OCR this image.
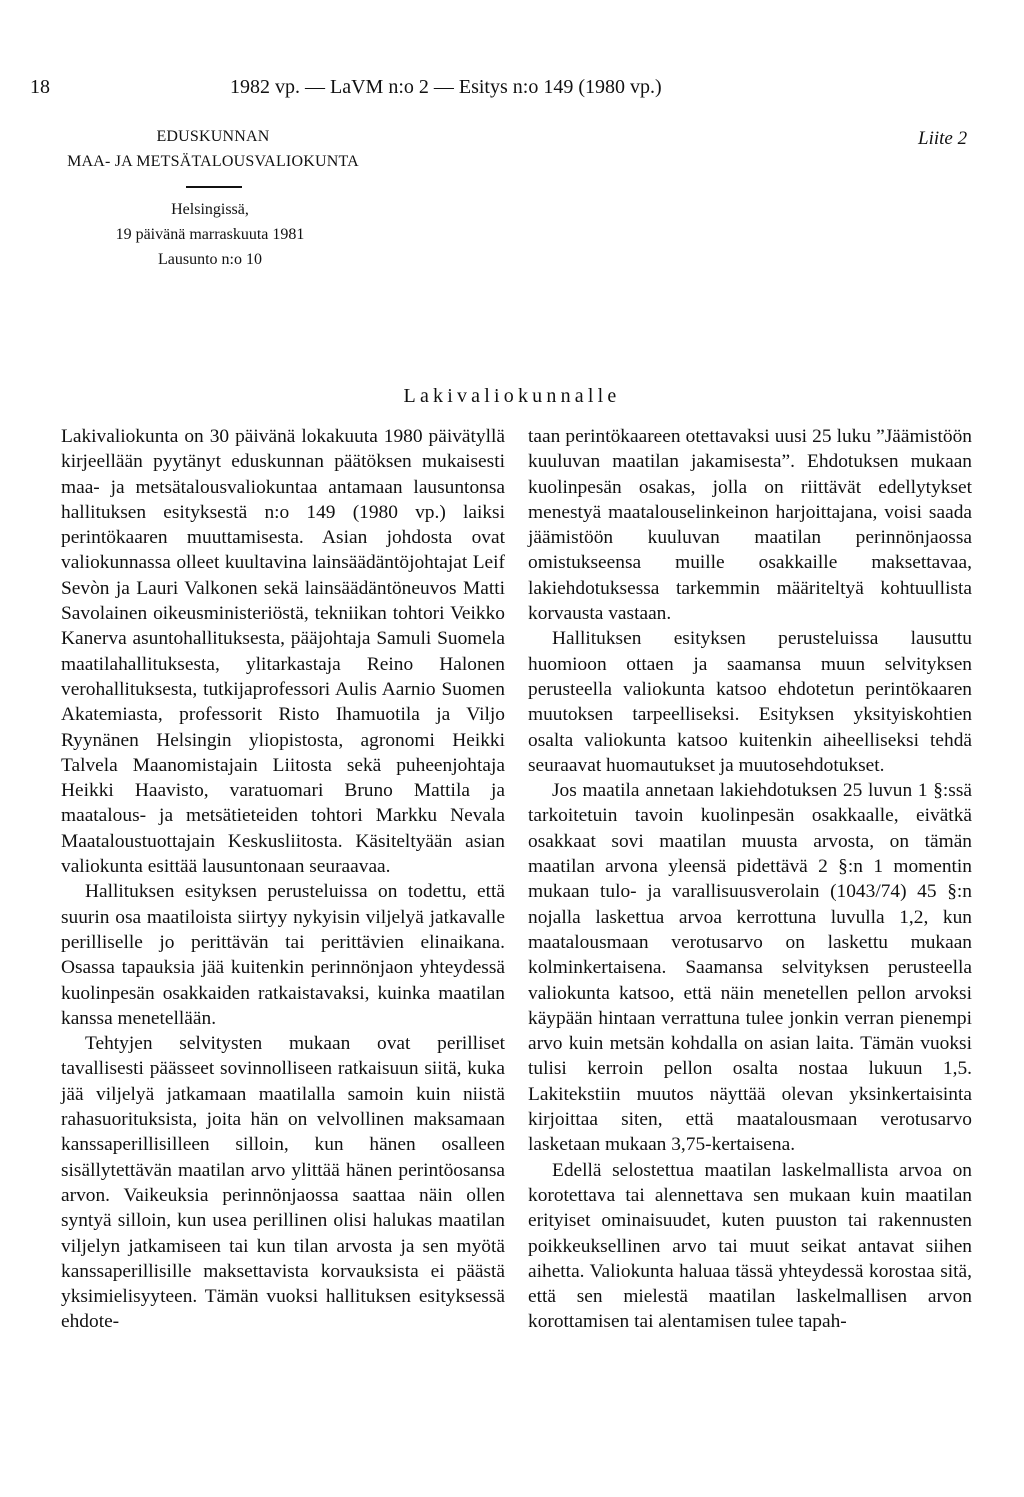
18	1982 vp. — LaVM n:o 2 — Esitys n:o 149 (1980 vp.)
EDUSKUNNAN
MAA- JA METSÄTALOUSVALIOKUNTA
Liite 2
Helsingissä,
19 päivänä marraskuuta 1981
Lausunto n:o 10
Lakivaliokunnalle

Lakivaliokunta on 30 päivänä lokakuuta 1980 päivätyllä kirjeellään pyytänyt eduskunnan päätöksen mukaisesti maa- ja metsätalousvaliokuntaa antamaan lausuntonsa hallituksen esityksestä n:o 149 (1980 vp.) laiksi perintökaaren muuttamisesta. Asian johdosta ovat valiokunnassa olleet kuultavina lainsäädäntöjohtajat Leif Sevòn ja Lauri Valkonen sekä lainsäädäntöneuvos Matti Savolainen oikeusministeriöstä, tekniikan tohtori Veikko Kanerva asuntohallituksesta, pääjohtaja Samuli Suomela maatilahallituksesta, ylitarkastaja Reino Halonen verohallituksesta, tutkijaprofessori Aulis Aarnio Suomen Akatemiasta, professorit Risto Ihamuotila ja Viljo Ryynänen Helsingin yliopistosta, agronomi Heikki Talvela Maanomistajain Liitosta sekä puheenjohtaja Heikki Haavisto, varatuomari Bruno Mattila ja maatalous- ja metsätieteiden tohtori Markku Nevala Maataloustuottajain Keskusliitosta. Käsiteltyään asian valiokunta esittää lausuntonaan seuraavaa.

Hallituksen esityksen perusteluissa on todettu, että suurin osa maatiloista siirtyy nykyisin viljelyä jatkavalle perilliselle jo perittävän tai perittävien elinaikana. Osassa tapauksia jää kuitenkin perinnönjaon yhteydessä kuolinpesän osakkaiden ratkaistavaksi, kuinka maatilan kanssa menetellään.

Tehtyjen selvitysten mukaan ovat perilliset tavallisesti päässeet sovinnolliseen ratkaisuun siitä, kuka jää viljelyä jatkamaan maatilalla samoin kuin niistä rahasuorituksista, joita hän on velvollinen maksamaan kanssaperillisilleen silloin, kun hänen osalleen sisällytettävän maatilan arvo ylittää hänen perintöosansa arvon. Vaikeuksia perinnönjaossa saattaa näin ollen syntyä silloin, kun usea perillinen olisi halukas maatilan viljelyn jatkamiseen tai kun tilan arvosta ja sen myötä kanssaperillisille maksettavista korvauksista ei päästä yksimielisyyteen. Tämän vuoksi hallituksen esityksessä ehdote-

taan perintökaareen otettavaksi uusi 25 luku ”Jäämistöön kuuluvan maatilan jakamisesta”. Ehdotuksen mukaan kuolinpesän osakas, jolla on riittävät edellytykset menestyä maatalouselinkeinon harjoittajana, voisi saada jäämistöön kuuluvan maatilan perinnönjaossa omistukseensa muille osakkaille maksettavaa, lakiehdotuksessa tarkemmin määriteltyä kohtuullista korvausta vastaan.

Hallituksen esityksen perusteluissa lausuttu huomioon ottaen ja saamansa muun selvityksen perusteella valiokunta katsoo ehdotetun perintökaaren muutoksen tarpeelliseksi. Esityksen yksityiskohtien osalta valiokunta katsoo kuitenkin aiheelliseksi tehdä seuraavat huomautukset ja muutosehdotukset.

Jos maatila annetaan lakiehdotuksen 25 luvun 1 §:ssä tarkoitetuin tavoin kuolinpesän osakkaalle, eivätkä osakkaat sovi maatilan muusta arvosta, on tämän maatilan arvona yleensä pidettävä 2 §:n 1 momentin mukaan tulo- ja varallisuusverolain (1043/74) 45 §:n nojalla laskettua arvoa kerrottuna luvulla 1,2, kun maatalousmaan verotusarvo on laskettu mukaan kolminkertaisena. Saamansa selvityksen perusteella valiokunta katsoo, että näin menetellen pellon arvoksi käypään hintaan verrattuna tulee jonkin verran pienempi arvo kuin metsän kohdalla on asian laita. Tämän vuoksi tulisi kerroin pellon osalta nostaa lukuun 1,5. Lakitekstiin muutos näyttää olevan yksinkertaisinta kirjoittaa siten, että maatalousmaan verotusarvo lasketaan mukaan 3,75-kertaisena.

Edellä selostettua maatilan laskelmallista arvoa on korotettava tai alennettava sen mukaan kuin maatilan erityiset ominaisuudet, kuten puuston tai rakennusten poikkeuksellinen arvo tai muut seikat antavat siihen aihetta. Valiokunta haluaa tässä yhteydessä korostaa sitä, että sen mielestä maatilan laskelmallisen arvon korottamisen tai alentamisen tulee tapah-
